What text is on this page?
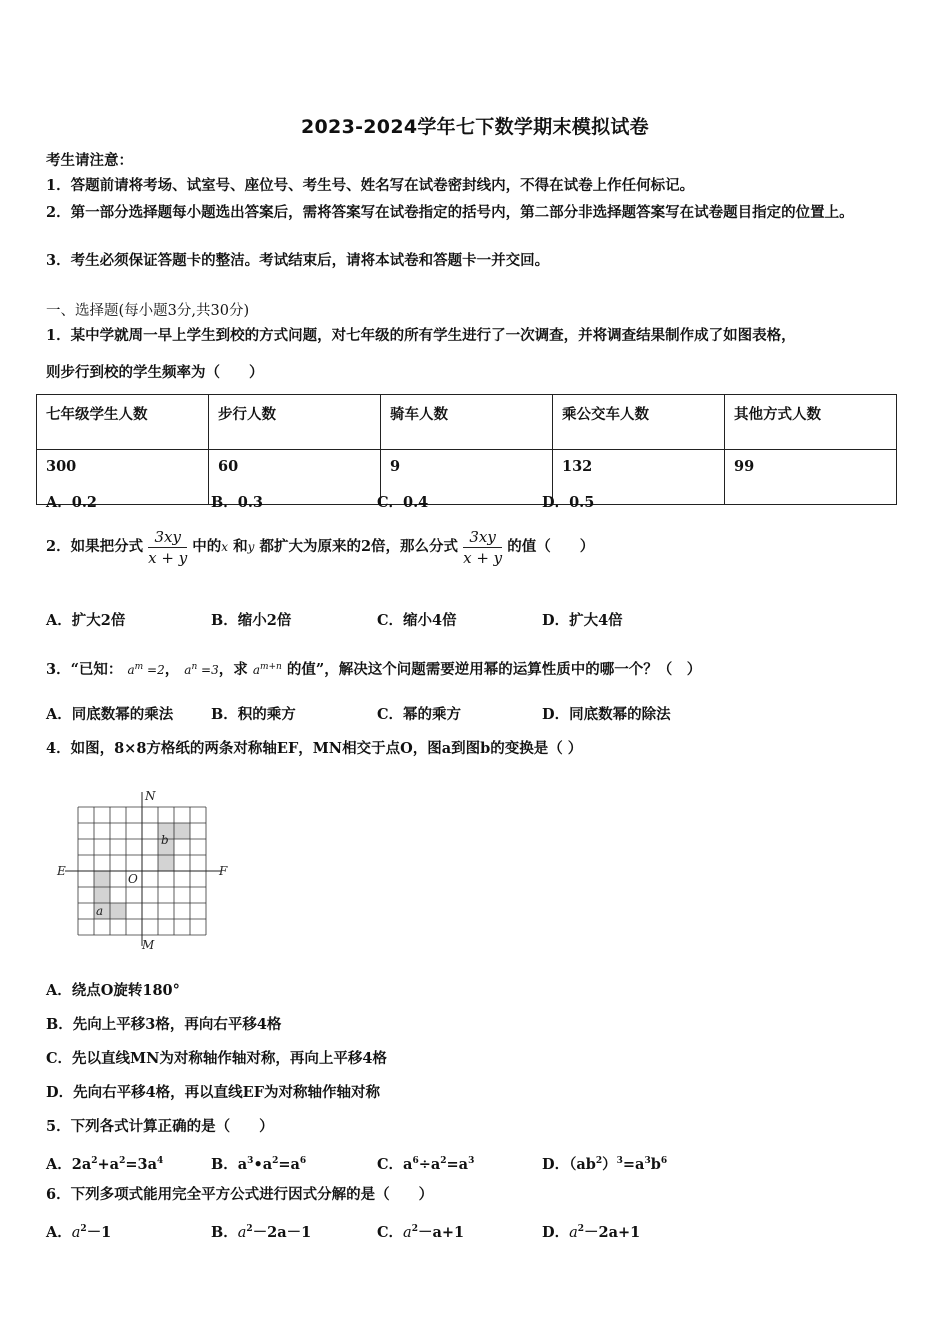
2023-2024学年七下数学期末模拟试卷
考生请注意：
1．答题前请将考场、试室号、座位号、考生号、姓名写在试卷密封线内，不得在试卷上作任何标记。
2．第一部分选择题每小题选出答案后，需将答案写在试卷指定的括号内，第二部分非选择题答案写在试卷题目指定的位置上。
3．考生必须保证答题卡的整洁。考试结束后，请将本试卷和答题卡一并交回。
一、选择题(每小题3分,共30分)
1．某中学就周一早上学生到校的方式问题，对七年级的所有学生进行了一次调查，并将调查结果制作成了如图表格，
则步行到校的学生频率为（　　）
七年级学生人数	步行人数	骑车人数	乘公交车人数	其他方式人数
300	60	9	132	99
A．0.2	B．0.3	C．0.4	D．0.5
2．如果把分式 $\frac{3xy}{x + y}$ 中的x 和y 都扩大为原来的2倍，那么分式 $\frac{3xy}{x + y}$ 的值（　　）
A．扩大2倍	B．缩小2倍	C．缩小4倍	D．扩大4倍
3．“已知： $a^m =2$， $a^n =3$，求 $a^{m+n}$ 的值”，解决这个问题需要逆用幂的运算性质中的哪一个？（　）
A．同底数幂的乘法	B．积的乘方	C．幂的乘方	D．同底数幂的除法
4．如图，8×8方格纸的两条对称轴EF，MN相交于点O，图a到图b的变换是（ ）
N
M
E	F
O
a
b
A．绕点O旋转180°
B．先向上平移3格，再向右平移4格
C．先以直线MN为对称轴作轴对称，再向上平移4格
D．先向右平移4格，再以直线EF为对称轴作轴对称
5．下列各式计算正确的是（　　）
A．$2a^2+a^2=3a^4$	B．$a^3•a^2=a^6$	C．$a^6\div a^2=a^3$	D．$(ab^2)^3=a^3b^6$
6．下列多项式能用完全平方公式进行因式分解的是（　　）
A．$a^2-1$	B．$a^2-2a-1$	C．$a^2-a+1$	D．$a^2-2a+1$
